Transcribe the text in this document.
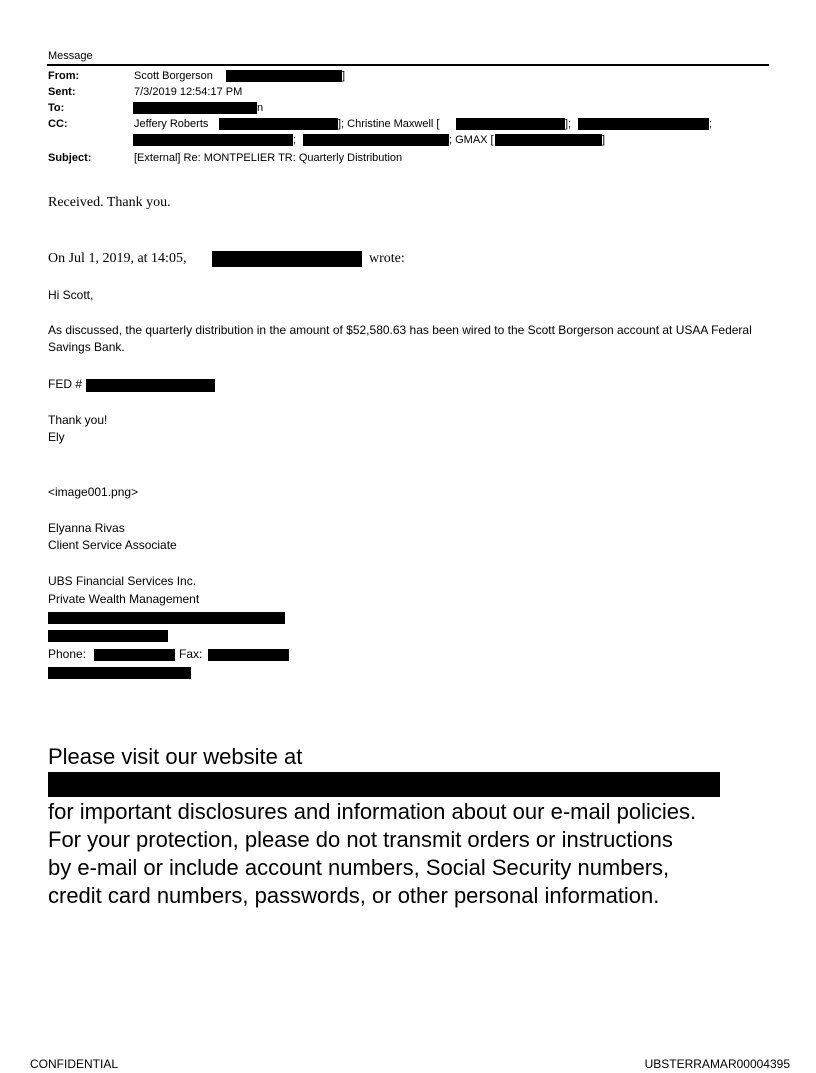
Message
From:	Scott Borgerson	]
Sent:	7/3/2019 12:54:17 PM
To:	n
CC:	Jeffery Roberts	]; Christine Maxwell [	];	;
;	; GMAX [	]
Subject:	[External] Re: MONTPELIER TR: Quarterly Distribution
Received. Thank you.
On Jul 1, 2019, at 14:05,	wrote:
Hi Scott,
As discussed, the quarterly distribution in the amount of $52,580.63 has been wired to the Scott Borgerson account at USAA Federal Savings Bank.
FED #
Thank you!
Ely
<image001.png>
Elyanna Rivas
Client Service Associate
UBS Financial Services Inc.
Private Wealth Management
Phone:	Fax:
Please visit our website at
for important disclosures and information about our e-mail policies. For your protection, please do not transmit orders or instructions by e-mail or include account numbers, Social Security numbers, credit card numbers, passwords, or other personal information.
CONFIDENTIAL	UBSTERRAMAR00004395
